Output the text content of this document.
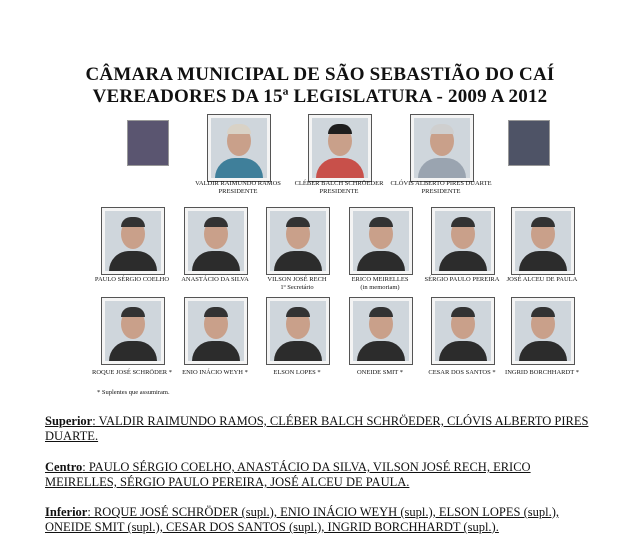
CÂMARA MUNICIPAL DE SÃO SEBASTIÃO DO CAÍ
VEREADORES DA 15ª LEGISLATURA - 2009 A 2012
VALDIR RAIMUNDO RAMOS
PRESIDENTE
CLÉBER BALCH SCHRÖEDER
PRESIDENTE
CLÓVIS ALBERTO PIRES DUARTE
PRESIDENTE
PAULO SÉRGIO COELHO	ANASTÁCIO DA SILVA	VILSON JOSÉ RECH
1º Secretário
ERICO MEIRELLES
(in memoriam)
SÉRGIO PAULO PEREIRA	JOSÉ ALCEU DE PAULA
ROQUE JOSÉ SCHRÖDER *	ENIO INÁCIO WEYH *	ELSON LOPES *	ONEIDE SMIT *	CESAR DOS SANTOS *	INGRID BORCHHARDT *
* Suplentes que assumiram.
Superior: VALDIR RAIMUNDO RAMOS, CLÉBER BALCH SCHRÖEDER, CLÓVIS ALBERTO PIRES DUARTE.
Centro: PAULO SÉRGIO COELHO, ANASTÁCIO DA SILVA, VILSON JOSÉ RECH, ERICO MEIRELLES, SÉRGIO PAULO PEREIRA, JOSÉ ALCEU DE PAULA.
Inferior: ROQUE JOSÉ SCHRÖDER (supl.), ENIO INÁCIO WEYH (supl.), ELSON LOPES (supl.), ONEIDE SMIT (supl.), CESAR DOS SANTOS (supl.), INGRID BORCHHARDT (supl.).
